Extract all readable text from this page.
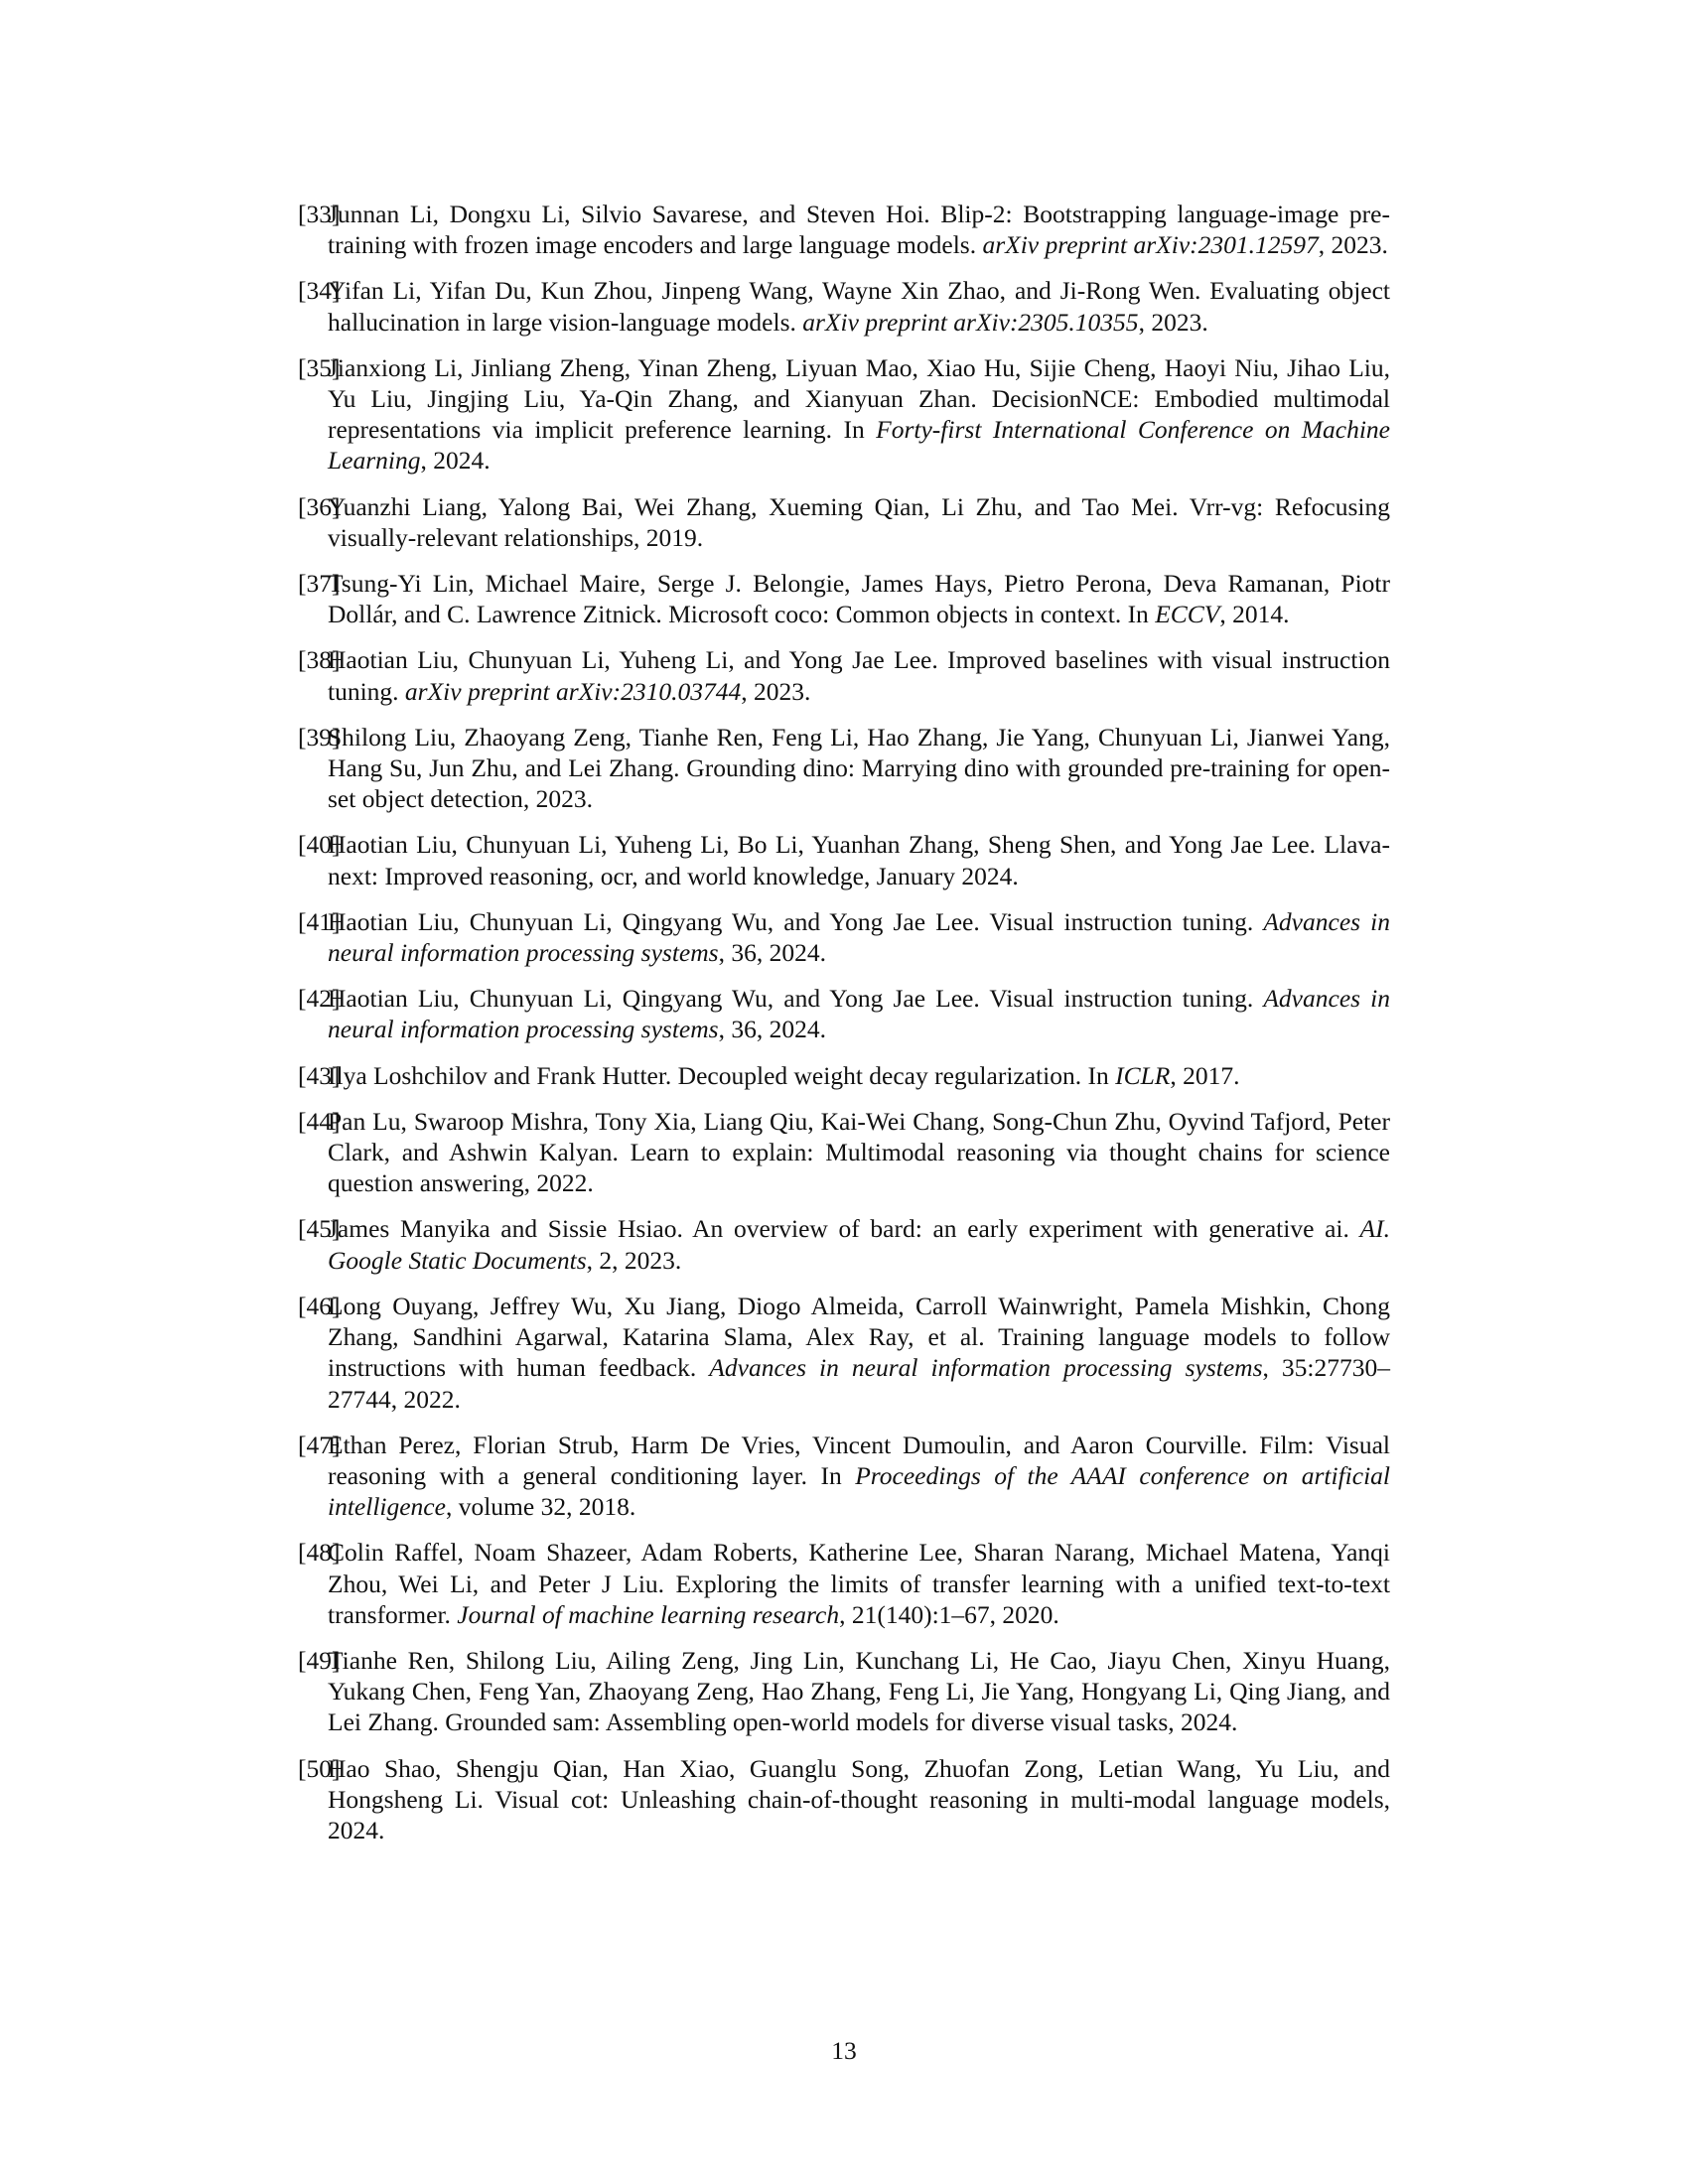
[33]
Junnan Li, Dongxu Li, Silvio Savarese, and Steven Hoi. Blip-2: Bootstrapping language-image pre-training with frozen image encoders and large language models. arXiv preprint arXiv:2301.12597, 2023.
[34]
Yifan Li, Yifan Du, Kun Zhou, Jinpeng Wang, Wayne Xin Zhao, and Ji-Rong Wen. Evaluating object hallucination in large vision-language models. arXiv preprint arXiv:2305.10355, 2023.
[35]
Jianxiong Li, Jinliang Zheng, Yinan Zheng, Liyuan Mao, Xiao Hu, Sijie Cheng, Haoyi Niu, Jihao Liu, Yu Liu, Jingjing Liu, Ya-Qin Zhang, and Xianyuan Zhan. DecisionNCE: Embodied multimodal representations via implicit preference learning. In Forty-first International Conference on Machine Learning, 2024.
[36]
Yuanzhi Liang, Yalong Bai, Wei Zhang, Xueming Qian, Li Zhu, and Tao Mei. Vrr-vg: Refocusing visually-relevant relationships, 2019.
[37]
Tsung-Yi Lin, Michael Maire, Serge J. Belongie, James Hays, Pietro Perona, Deva Ramanan, Piotr Dollár, and C. Lawrence Zitnick. Microsoft coco: Common objects in context. In ECCV, 2014.
[38]
Haotian Liu, Chunyuan Li, Yuheng Li, and Yong Jae Lee. Improved baselines with visual instruction tuning. arXiv preprint arXiv:2310.03744, 2023.
[39]
Shilong Liu, Zhaoyang Zeng, Tianhe Ren, Feng Li, Hao Zhang, Jie Yang, Chunyuan Li, Jianwei Yang, Hang Su, Jun Zhu, and Lei Zhang. Grounding dino: Marrying dino with grounded pre-training for open-set object detection, 2023.
[40]
Haotian Liu, Chunyuan Li, Yuheng Li, Bo Li, Yuanhan Zhang, Sheng Shen, and Yong Jae Lee. Llava-next: Improved reasoning, ocr, and world knowledge, January 2024.
[41]
Haotian Liu, Chunyuan Li, Qingyang Wu, and Yong Jae Lee. Visual instruction tuning. Advances in neural information processing systems, 36, 2024.
[42]
Haotian Liu, Chunyuan Li, Qingyang Wu, and Yong Jae Lee. Visual instruction tuning. Advances in neural information processing systems, 36, 2024.
[43]
Ilya Loshchilov and Frank Hutter. Decoupled weight decay regularization. In ICLR, 2017.
[44]
Pan Lu, Swaroop Mishra, Tony Xia, Liang Qiu, Kai-Wei Chang, Song-Chun Zhu, Oyvind Tafjord, Peter Clark, and Ashwin Kalyan. Learn to explain: Multimodal reasoning via thought chains for science question answering, 2022.
[45]
James Manyika and Sissie Hsiao. An overview of bard: an early experiment with generative ai. AI. Google Static Documents, 2, 2023.
[46]
Long Ouyang, Jeffrey Wu, Xu Jiang, Diogo Almeida, Carroll Wainwright, Pamela Mishkin, Chong Zhang, Sandhini Agarwal, Katarina Slama, Alex Ray, et al. Training language models to follow instructions with human feedback. Advances in neural information processing systems, 35:27730–27744, 2022.
[47]
Ethan Perez, Florian Strub, Harm De Vries, Vincent Dumoulin, and Aaron Courville. Film: Visual reasoning with a general conditioning layer. In Proceedings of the AAAI conference on artificial intelligence, volume 32, 2018.
[48]
Colin Raffel, Noam Shazeer, Adam Roberts, Katherine Lee, Sharan Narang, Michael Matena, Yanqi Zhou, Wei Li, and Peter J Liu. Exploring the limits of transfer learning with a unified text-to-text transformer. Journal of machine learning research, 21(140):1–67, 2020.
[49]
Tianhe Ren, Shilong Liu, Ailing Zeng, Jing Lin, Kunchang Li, He Cao, Jiayu Chen, Xinyu Huang, Yukang Chen, Feng Yan, Zhaoyang Zeng, Hao Zhang, Feng Li, Jie Yang, Hongyang Li, Qing Jiang, and Lei Zhang. Grounded sam: Assembling open-world models for diverse visual tasks, 2024.
[50]
Hao Shao, Shengju Qian, Han Xiao, Guanglu Song, Zhuofan Zong, Letian Wang, Yu Liu, and Hongsheng Li. Visual cot: Unleashing chain-of-thought reasoning in multi-modal language models, 2024.
13
